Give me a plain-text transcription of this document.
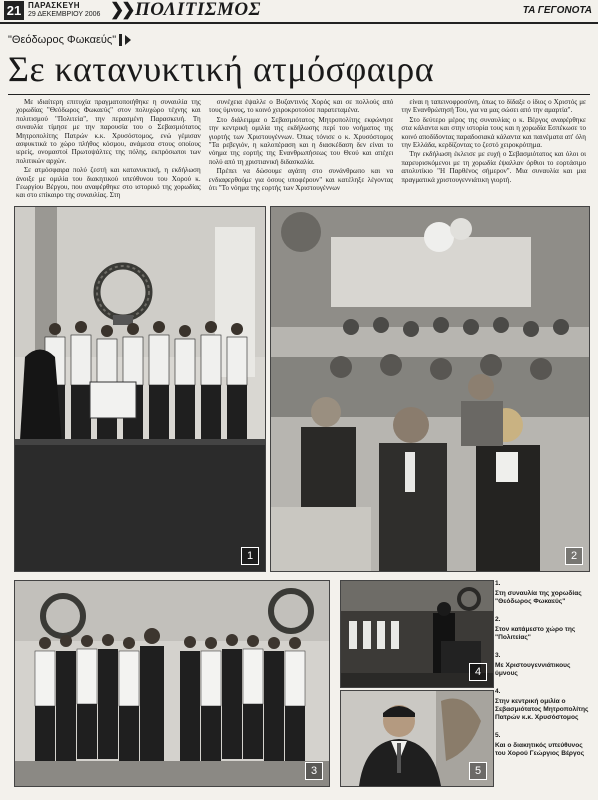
21 ΠΑΡΑΣΚΕΥΗ
29 ΔΕΚΕΜΒΡΙΟΥ 2006 ❯❯ ΠΟΛΙΤΙΣΜΟΣ	ΤΑ ΓΕΓΟΝΟΤΑ
"Θεόδωρος Φωκαεύς"
Σε κατανυκτική ατμόσφαιρα

Με ιδιαίτερη επιτυχία πραγματοποιήθηκε η συναυλία της χορωδίας "Θεόδωρος Φωκαεύς" στον πολυχώρο τέχνης και πολιτισμού "Πολιτεία", την περασμένη Παρασκευή. Τη συναυλία τίμησε με την παρουσία του ο Σεβασμιότατος Μητροπολίτης Πατρών κ.κ. Χρυσόστομος, ενώ γέμισαν ασφυκτικά το χώρο πλήθος κόσμου, ανάμεσα στους οποίους ιερείς, ονομαστοί Πρωτοψάλτες της πόλης, εκπρόσωποι των πολιτικών αρχών.

Σε ατμόσφαιρα πολύ ζεστή και κατανυκτική, η εκδήλωση άνοιξε με ομιλία του διακητικού υπεύθυνου του Χορού κ. Γεωργίου Βέργου, που αναφέρθηκε στο ιστορικό της χορωδίας και στο επίκαιρο της συναυλίας. Στη

συνέχεια έψαλλε ο Βυζαντινός Χορός και σε πολλούς από τους ύμνους, το κοινό χειροκροτούσε παρατεταμένα.

Στο διάλειμμα ο Σεβασμιότατος Μητροπολίτης εκφώνησε την κεντρική ομιλία της εκδήλωσης περί του νοήματος της γιορτής των Χριστουγέννων. Όπως τόνισε ο κ. Χρυσόστομος "Τα ρεβεγιόν, η καλοπέραση και η διασκέδαση δεν είναι το νόημα της εορτής της Ενανθρωπήσεως του Θεού και απέχει πολύ από τη χριστιανική διδασκαλία.

Πρέπει να δώσουμε αγάπη στο συνάνθρωπο και να ενδιαφερθούμε για όσους υποφέρουν" και κατέληξε λέγοντας ότι "Το νόημα της εορτής των Χριστουγέννων

είναι η ταπεινοφροσύνη, όπως το δίδαξε ο ίδιος ο Χριστός με την Ενανθρώπησή Του, για να μας σώσει από την αμαρτία".

Στο δεύτερο μέρος της συναυλίας ο κ. Βέργος αναφέρθηκε στα κάλαντα και στην ιστορία τους και η χορωδία Εσπέκωσε το κοινό αποδίδοντας παραδοσιακά κάλαντα και παινέματα απ' όλη την Ελλάδα, κερδίζοντας το ζεστό χειροκρότημα.

Την εκδήλωση έκλεισε με ευχή ο Σεβασμιότατος και όλοι οι παρευρισκόμενοι με τη χορωδία έψαλλαν όρθιοι το εορτάσιμο απολυτίκιο "Η Παρθένος σήμερον". Μια συναυλία και μια πραγματικά χριστουγεννιάτικη γιορτή.

1	2
3
4
5
1.
Στη συναυλία της χορωδίας "Θεόδωρος Φωκαεύς"
2.
Στον κατάμεστο χώρο της "Πολιτείας"
3.
Με Χριστουγεννιάτικους ύμνους
4.
Στην κεντρική ομιλία ο Σεβασμιότατος Μητροπολίτης Πατρών κ.κ. Χρυσόστομος
5.
Και ο διακητικός υπεύθυνος του Χορού Γεώργιος Βέργος
